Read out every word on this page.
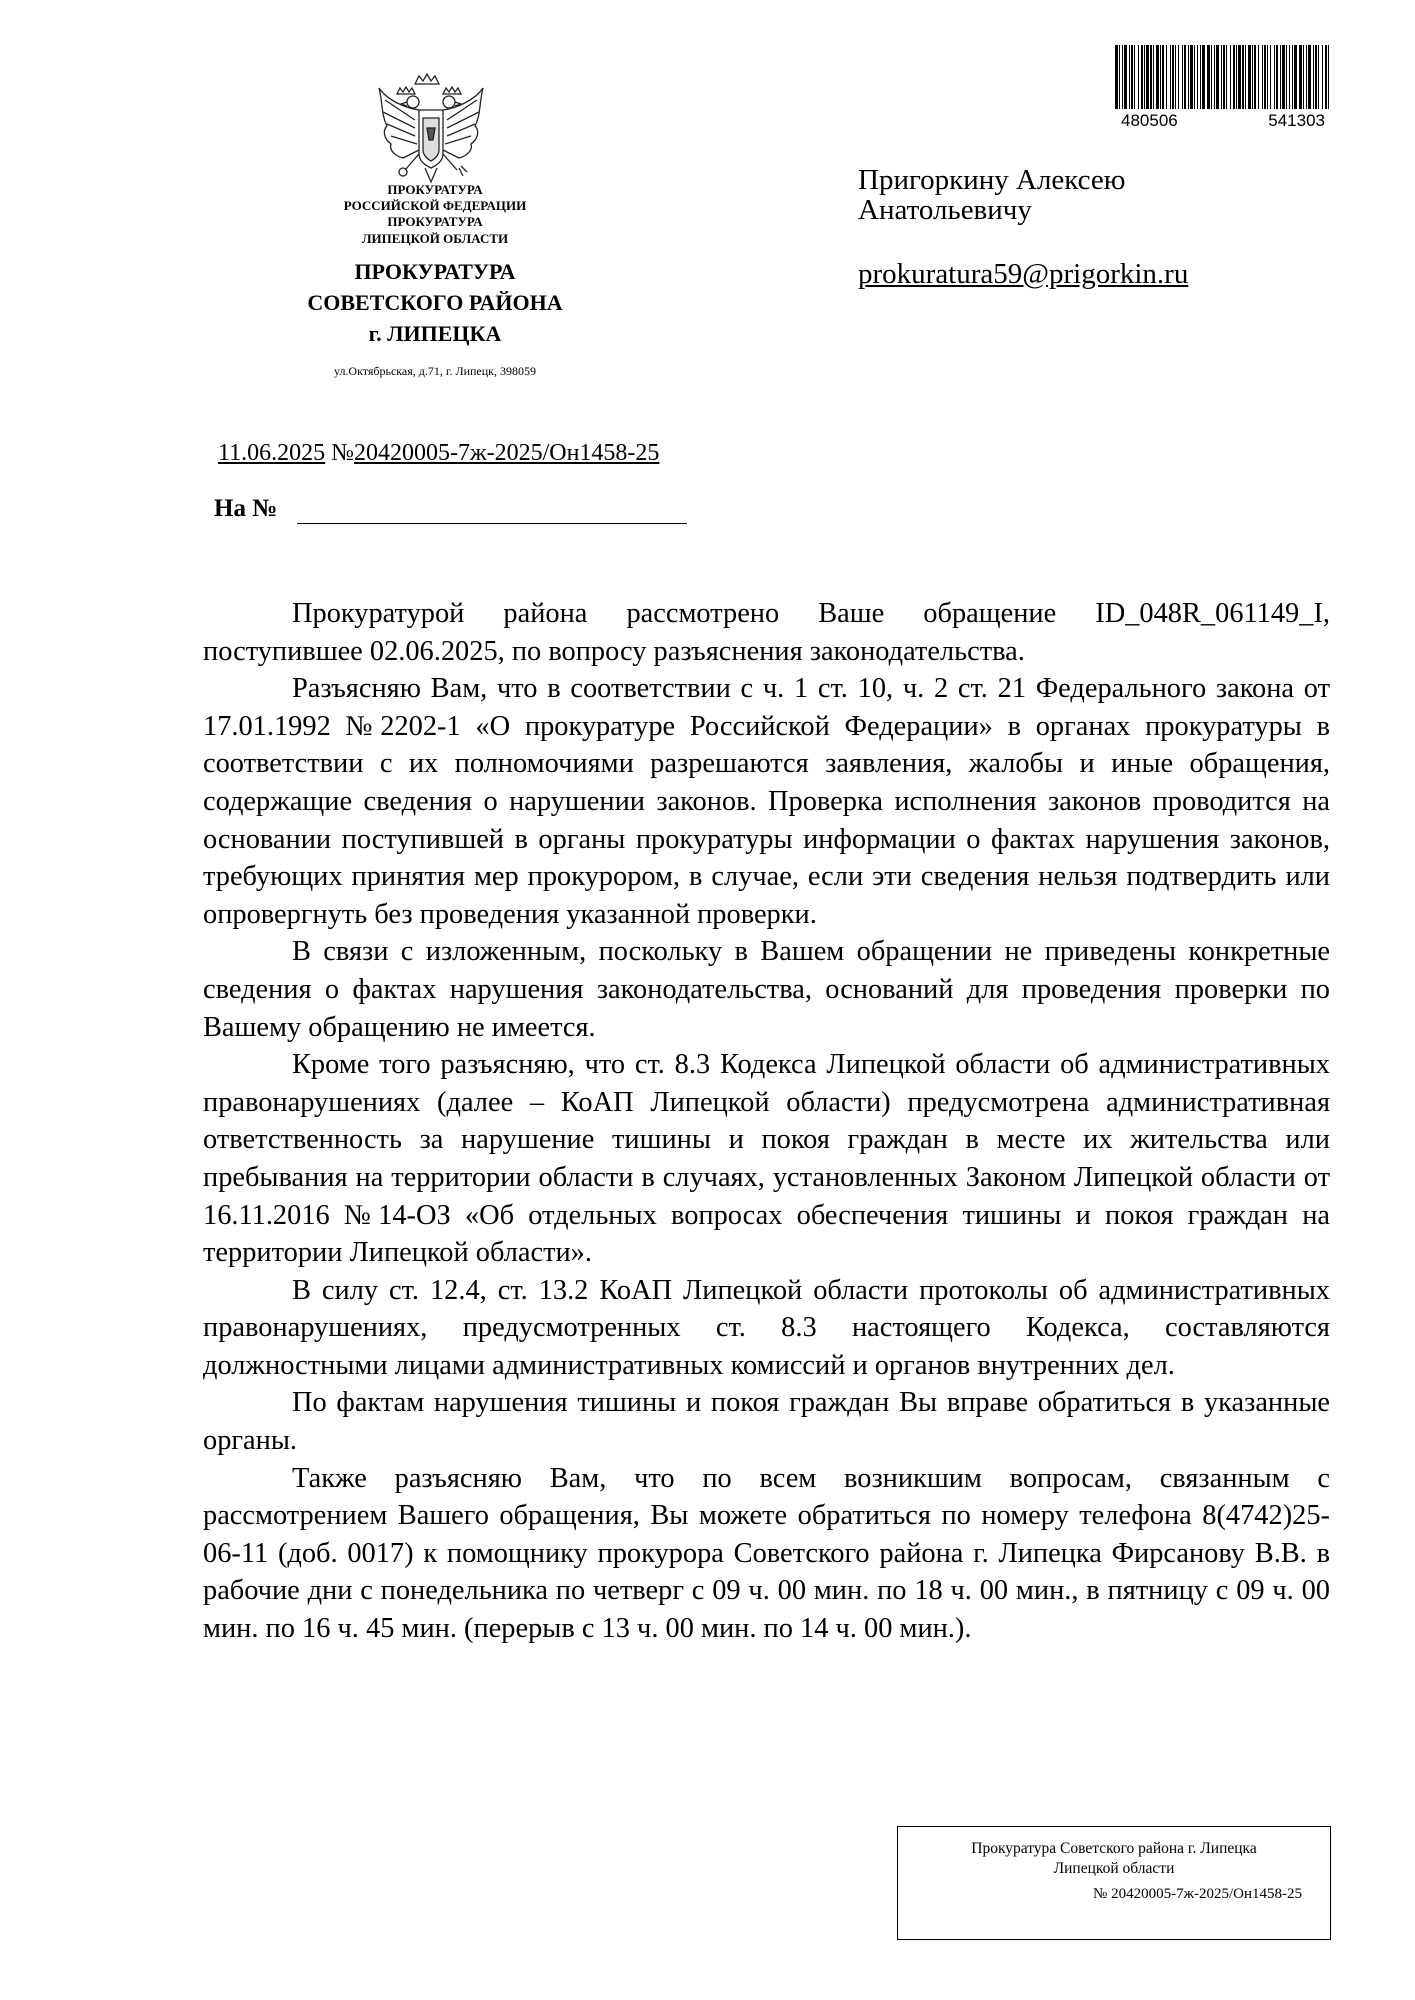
ПРОКУРАТУРА
РОССИЙСКОЙ ФЕДЕРАЦИИ
ПРОКУРАТУРА
ЛИПЕЦКОЙ ОБЛАСТИ
ПРОКУРАТУРА
СОВЕТСКОГО РАЙОНА
г. ЛИПЕЦКА
ул.Октябрьская, д.71, г. Липецк, 398059
480506	541303
Пригоркину Алексею
Анатольевичу
prokuratura59@prigorkin.ru
11.06.2025 №20420005-7ж-2025/Он1458-25
На №

Прокуратурой района рассмотрено Ваше обращение ID_048R_061149_I, поступившее 02.06.2025, по вопросу разъяснения законодательства.

Разъясняю Вам, что в соответствии с ч. 1 ст. 10, ч. 2 ст. 21 Федерального закона от 17.01.1992 №2202-1 «О прокуратуре Российской Федерации» в органах прокуратуры в соответствии с их полномочиями разрешаются заявления, жалобы и иные обращения, содержащие сведения о нарушении законов. Проверка исполнения законов проводится на основании поступившей в органы прокуратуры информации о фактах нарушения законов, требующих принятия мер прокурором, в случае, если эти сведения нельзя подтвердить или опровергнуть без проведения указанной проверки.

В связи с изложенным, поскольку в Вашем обращении не приведены конкретные сведения о фактах нарушения законодательства, оснований для проведения проверки по Вашему обращению не имеется.

Кроме того разъясняю, что ст. 8.3 Кодекса Липецкой области об административных правонарушениях (далее – КоАП Липецкой области) предусмотрена административная ответственность за нарушение тишины и покоя граждан в месте их жительства или пребывания на территории области в случаях, установленных Законом Липецкой области от 16.11.2016 №14-ОЗ «Об отдельных вопросах обеспечения тишины и покоя граждан на территории Липецкой области».

В силу ст. 12.4, ст. 13.2 КоАП Липецкой области протоколы об административных правонарушениях, предусмотренных ст. 8.3 настоящего Кодекса, составляются должностными лицами административных комиссий и органов внутренних дел.

По фактам нарушения тишины и покоя граждан Вы вправе обратиться в указанные органы.

Также разъясняю Вам, что по всем возникшим вопросам, связанным с рассмотрением Вашего обращения, Вы можете обратиться по номеру телефона 8(4742)25-06-11 (доб. 0017) к помощнику прокурора Советского района г. Липецка Фирсанову В.В. в рабочие дни с понедельника по четверг с 09 ч. 00 мин. по 18 ч. 00 мин., в пятницу с 09 ч. 00 мин. по 16 ч. 45 мин. (перерыв с 13 ч. 00 мин. по 14 ч. 00 мин.).

Прокуратура Советского района г. Липецка
Липецкой области
№ 20420005-7ж-2025/Он1458-25
